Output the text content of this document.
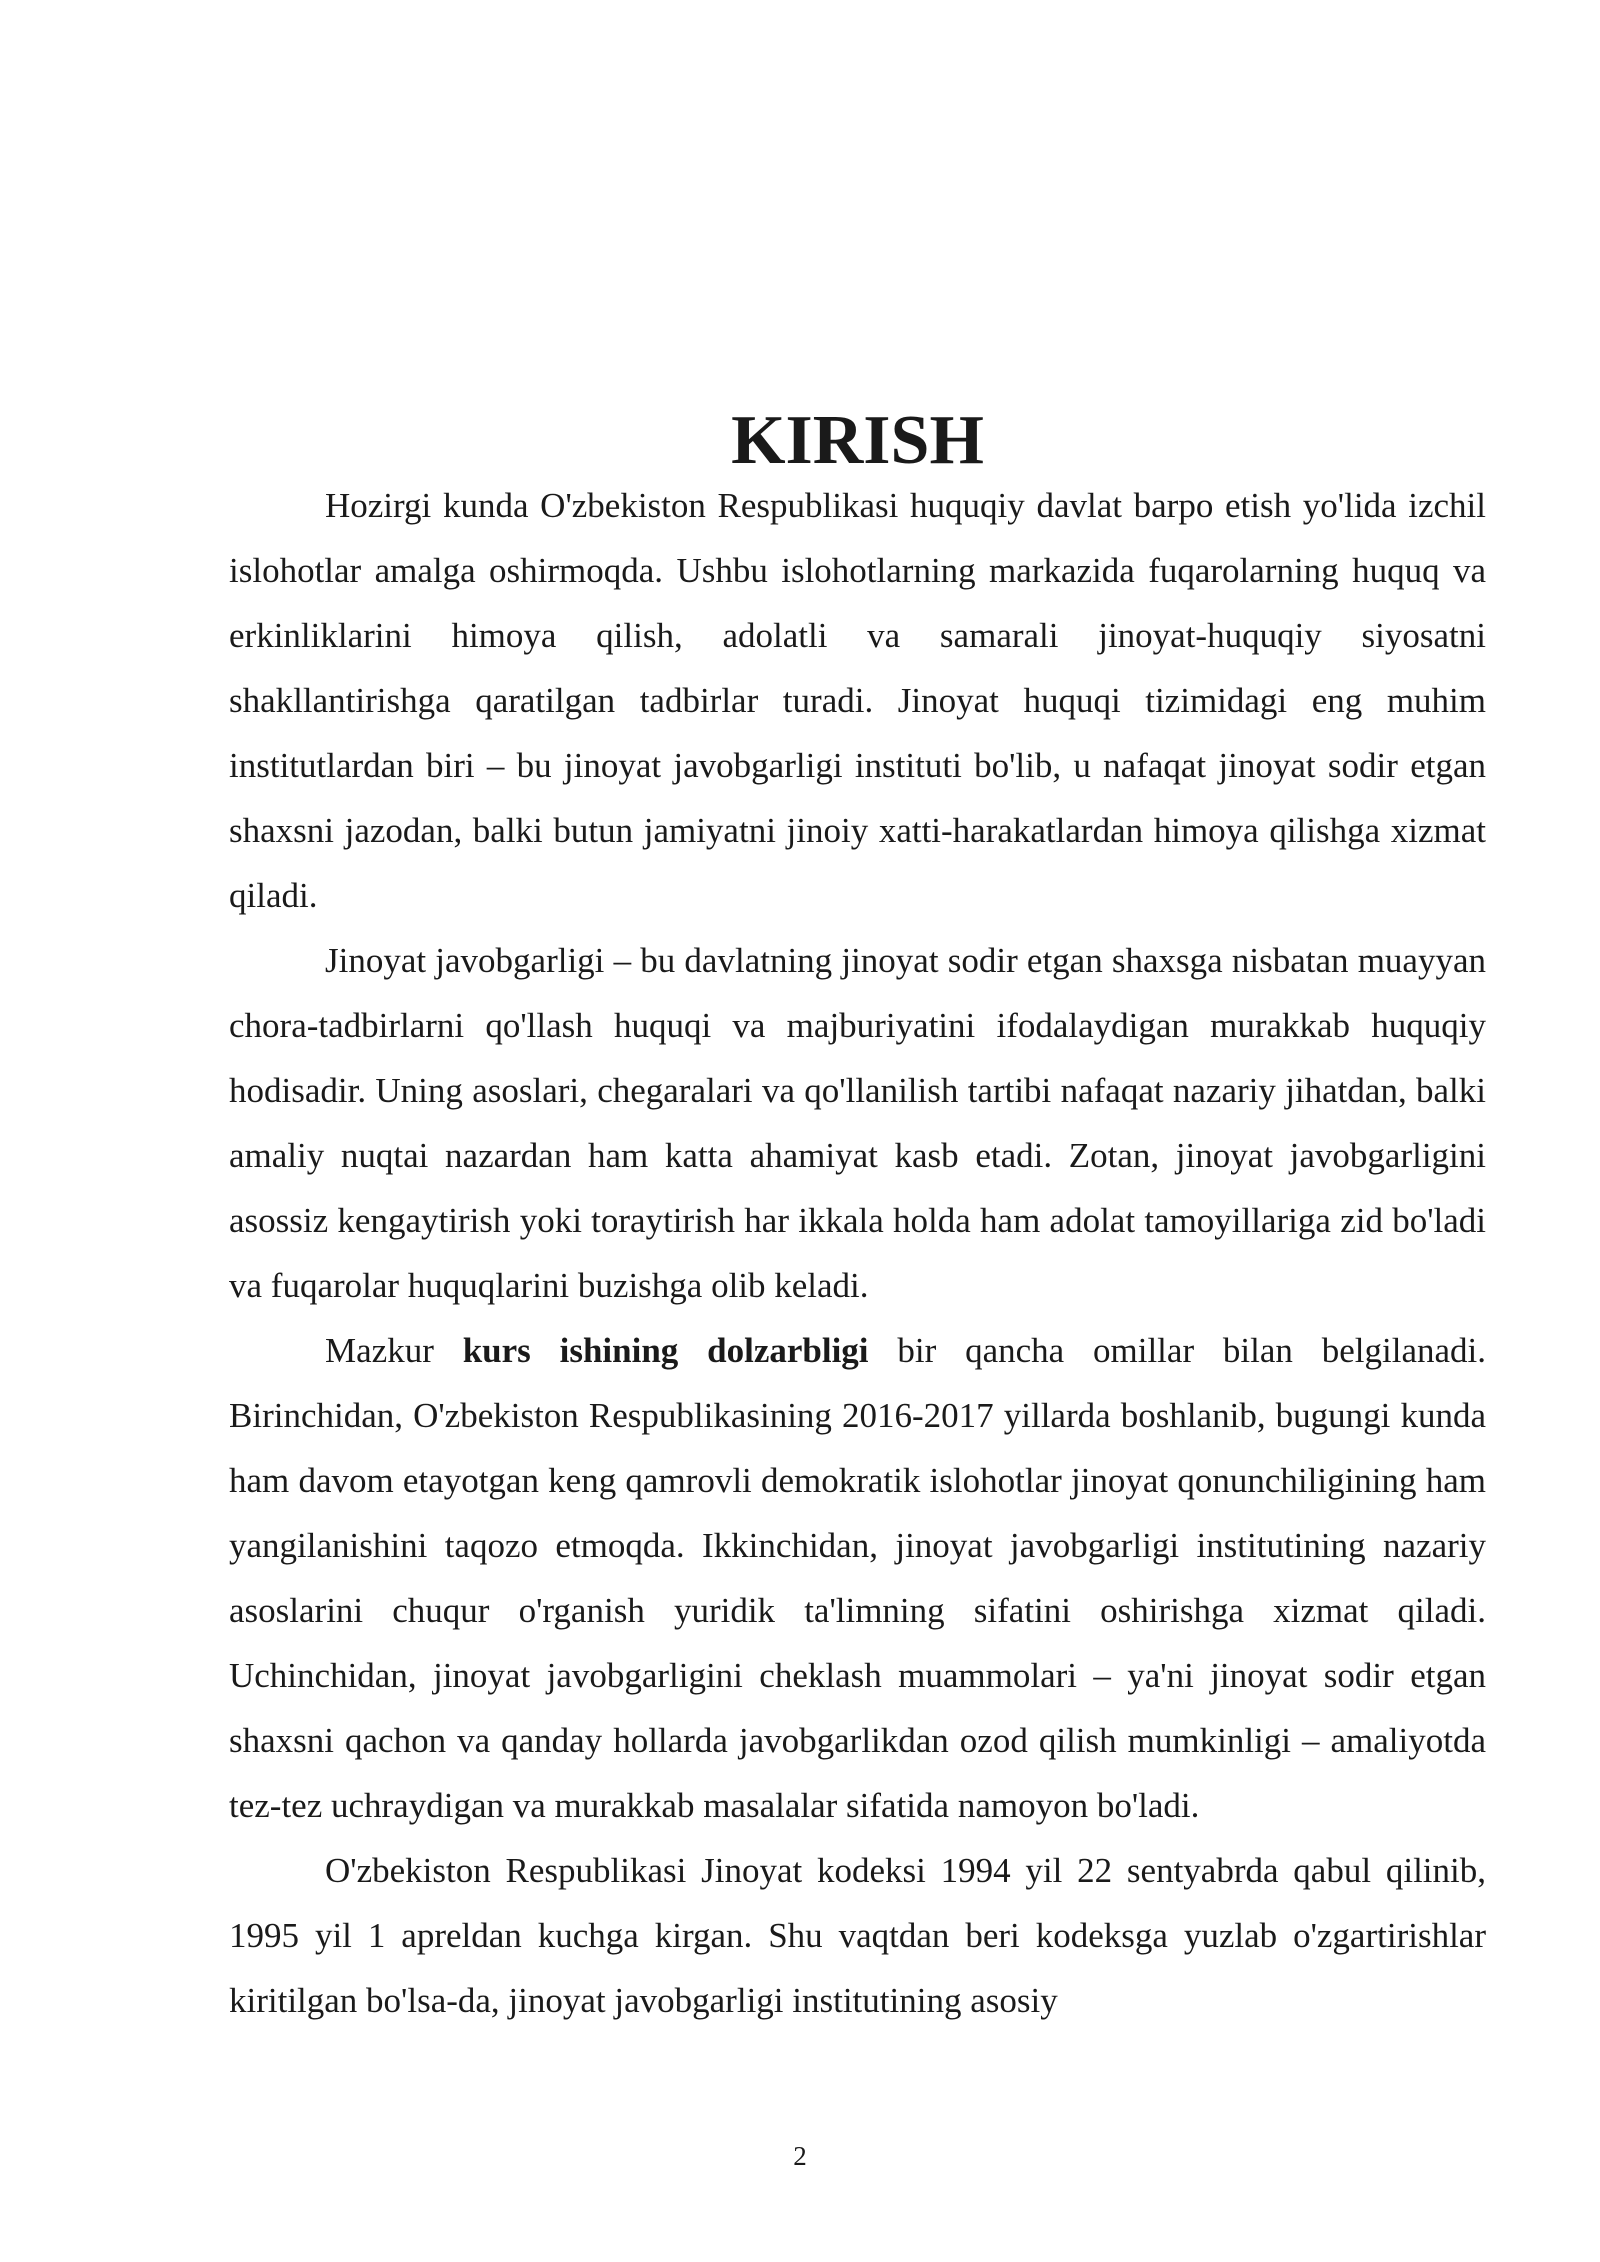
KIRISH

Hozirgi kunda O'zbekiston Respublikasi huquqiy davlat barpo etish yo'lida izchil islohotlar amalga oshirmoqda. Ushbu islohotlarning markazida fuqarolarning huquq va erkinliklarini himoya qilish, adolatli va samarali jinoyat-huquqiy siyosatni shakllantirishga qaratilgan tadbirlar turadi. Jinoyat huquqi tizimidagi eng muhim institutlardan biri – bu jinoyat javobgarligi instituti bo'lib, u nafaqat jinoyat sodir etgan shaxsni jazodan, balki butun jamiyatni jinoiy xatti-harakatlardan himoya qilishga xizmat qiladi.

Jinoyat javobgarligi – bu davlatning jinoyat sodir etgan shaxsga nisbatan muayyan chora-tadbirlarni qo'llash huquqi va majburiyatini ifodalaydigan murakkab huquqiy hodisadir. Uning asoslari, chegaralari va qo'llanilish tartibi nafaqat nazariy jihatdan, balki amaliy nuqtai nazardan ham katta ahamiyat kasb etadi. Zotan, jinoyat javobgarligini asossiz kengaytirish yoki toraytirish har ikkala holda ham adolat tamoyillariga zid bo'ladi va fuqarolar huquqlarini buzishga olib keladi.

Mazkur kurs ishining dolzarbligi bir qancha omillar bilan belgilanadi. Birinchidan, O'zbekiston Respublikasining 2016-2017 yillarda boshlanib, bugungi kunda ham davom etayotgan keng qamrovli demokratik islohotlar jinoyat qonunchiligining ham yangilanishini taqozo etmoqda. Ikkinchidan, jinoyat javobgarligi institutining nazariy asoslarini chuqur o'rganish yuridik ta'limning sifatini oshirishga xizmat qiladi. Uchinchidan, jinoyat javobgarligini cheklash muammolari – ya'ni jinoyat sodir etgan shaxsni qachon va qanday hollarda javobgarlikdan ozod qilish mumkinligi – amaliyotda tez-tez uchraydigan va murakkab masalalar sifatida namoyon bo'ladi.

O'zbekiston Respublikasi Jinoyat kodeksi 1994 yil 22 sentyabrda qabul qilinib, 1995 yil 1 apreldan kuchga kirgan. Shu vaqtdan beri kodeksga yuzlab o'zgartirishlar kiritilgan bo'lsa-da, jinoyat javobgarligi institutining asosiy

2
